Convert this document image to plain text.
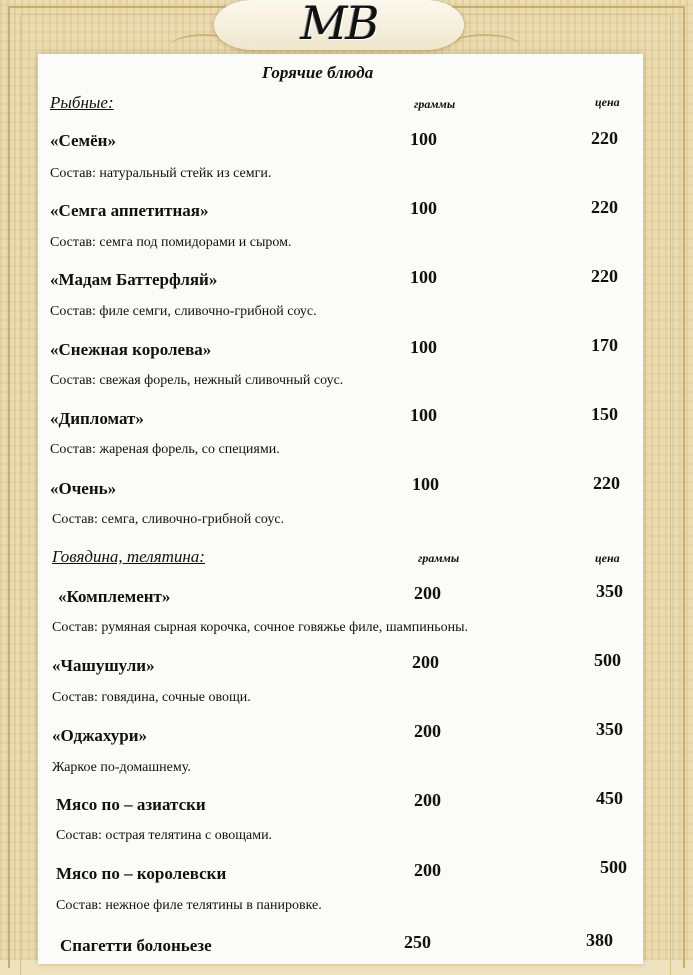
МВ
Горячие блюда
Рыбные:	граммы	цена
«Семён»	100	220
Состав: натуральный стейк из семги.
«Семга аппетитная»	100	220
Состав: семга под помидорами и сыром.
«Мадам Баттерфляй»	100	220
Состав: филе семги, сливочно-грибной соус.
«Снежная королева»	100	170
Состав: свежая форель, нежный сливочный соус.
«Дипломат»	100	150
Состав: жареная форель, со специями.
«Очень»	100	220
Состав: семга, сливочно-грибной соус.
Говядина, телятина:	граммы	цена
«Комплемент»	200	350
Состав: румяная сырная корочка, сочное говяжье филе, шампиньоны.
«Чашушули»	200	500
Состав: говядина, сочные овощи.
«Оджахури»	200	350
Жаркое по-домашнему.
Мясо по – азиатски	200	450
Состав: острая телятина с овощами.
Мясо по – королевски	200	500
Состав: нежное филе телятины в панировке.
Спагетти болоньезе	250	380
